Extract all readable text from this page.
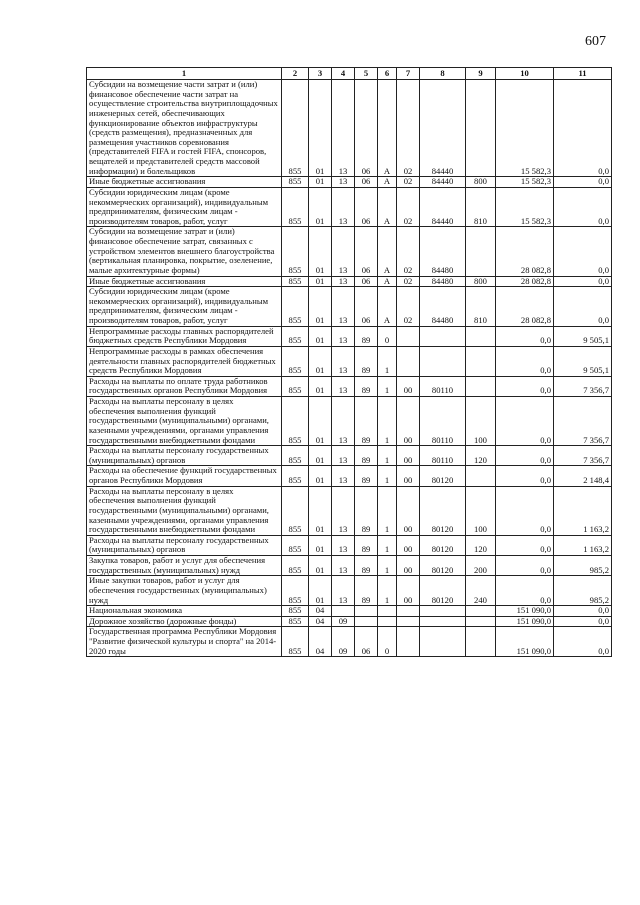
607
1	2	3	4	5	6	7	8	9	10	11
Субсидии на возмещение части затрат и (или) финансовое обеспечение части затрат на осуществление строительства внутриплощадочных инженерных сетей, обеспечивающих функционирование объектов инфраструктуры (средств размещения), предназначенных для размещения участников соревнования (представителей FIFA и гостей FIFA, спонсоров, вещателей и представителей средств массовой информации) и болельщиков	855	01	13	06	А	02	84440		15 582,3	0,0
Иные бюджетные ассигнования	855	01	13	06	А	02	84440	800	15 582,3	0,0
Субсидии юридическим лицам (кроме некоммерческих организаций), индивидуальным предпринимателям, физическим лицам - производителям товаров, работ, услуг	855	01	13	06	А	02	84440	810	15 582,3	0,0
Субсидии на возмещение затрат и (или) финансовое обеспечение затрат, связанных с устройством элементов внешнего благоустройства (вертикальная планировка, покрытие, озеленение, малые архитектурные формы)	855	01	13	06	А	02	84480		28 082,8	0,0
Иные бюджетные ассигнования	855	01	13	06	А	02	84480	800	28 082,8	0,0
Субсидии юридическим лицам (кроме некоммерческих организаций), индивидуальным предпринимателям, физическим лицам - производителям товаров, работ, услуг	855	01	13	06	А	02	84480	810	28 082,8	0,0
Непрограммные расходы главных распорядителей бюджетных средств Республики Мордовия	855	01	13	89	0				0,0	9 505,1
Непрограммные расходы в рамках обеспечения деятельности главных распорядителей бюджетных средств Республики Мордовия	855	01	13	89	1				0,0	9 505,1
Расходы на выплаты по оплате труда работников государственных органов Республики Мордовия	855	01	13	89	1	00	80110		0,0	7 356,7
Расходы на выплаты персоналу в целях обеспечения выполнения функций государственными (муниципальными) органами, казенными учреждениями, органами управления государственными внебюджетными фондами	855	01	13	89	1	00	80110	100	0,0	7 356,7
Расходы на выплаты персоналу государственных (муниципальных) органов	855	01	13	89	1	00	80110	120	0,0	7 356,7
Расходы на обеспечение функций государственных органов Республики Мордовия	855	01	13	89	1	00	80120		0,0	2 148,4
Расходы на выплаты персоналу в целях обеспечения выполнения функций государственными (муниципальными) органами, казенными учреждениями, органами управления государственными внебюджетными фондами	855	01	13	89	1	00	80120	100	0,0	1 163,2
Расходы на выплаты персоналу государственных (муниципальных) органов	855	01	13	89	1	00	80120	120	0,0	1 163,2
Закупка товаров, работ и услуг для обеспечения государственных (муниципальных) нужд	855	01	13	89	1	00	80120	200	0,0	985,2
Иные закупки товаров, работ и услуг для обеспечения государственных (муниципальных) нужд	855	01	13	89	1	00	80120	240	0,0	985,2
Национальная экономика	855	04							151 090,0	0,0
Дорожное хозяйство (дорожные фонды)	855	04	09						151 090,0	0,0
Государственная программа Республики Мордовия "Развитие физической культуры и спорта" на 2014-2020 годы	855	04	09	06	0				151 090,0	0,0
